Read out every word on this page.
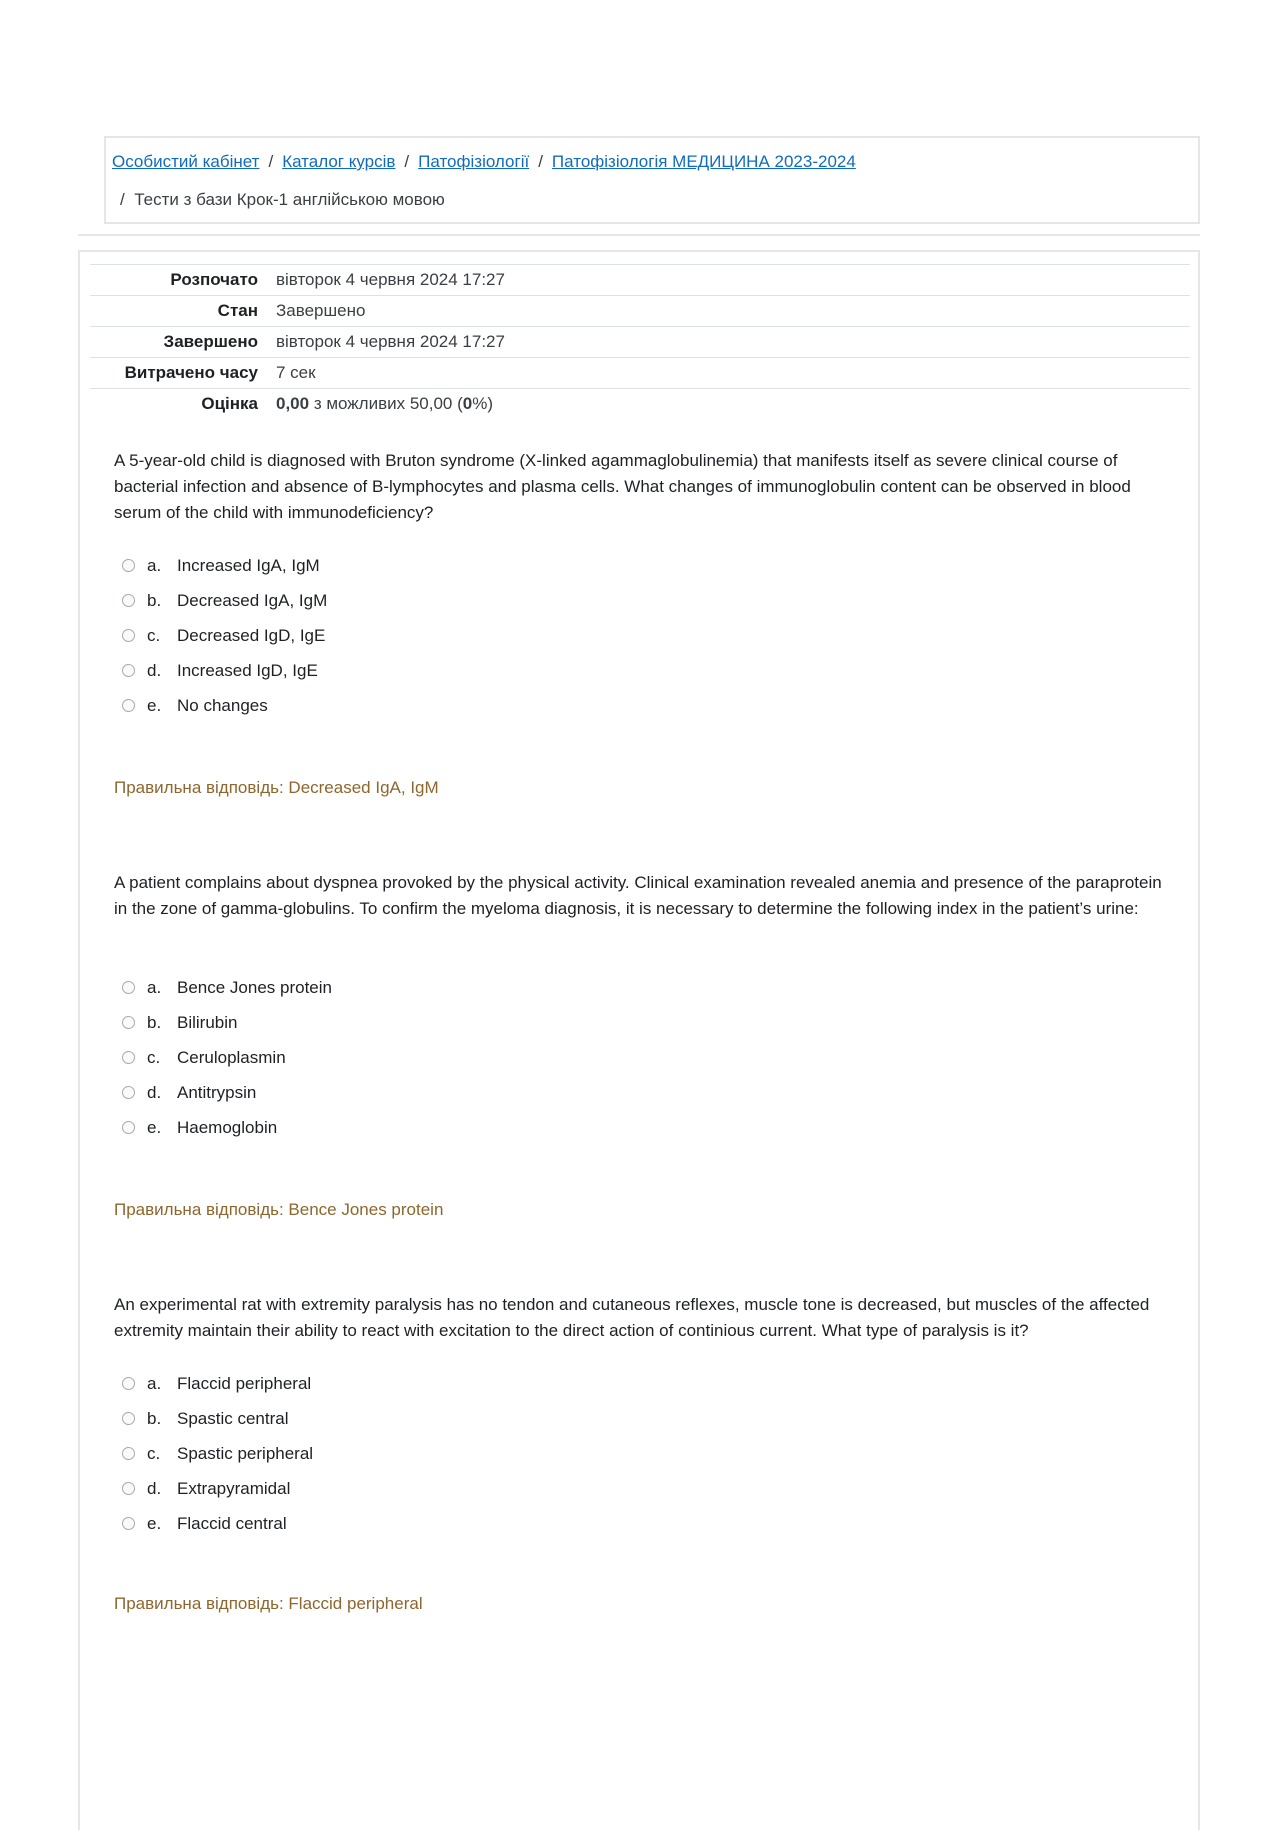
Особистий кабінет / Каталог курсів / Патофізіології / Патофізіологія МЕДИЦИНА 2023-2024
/ Тести з бази Крок-1 англійською мовою
Розпочато	вівторок 4 червня 2024 17:27
Стан	Завершено
Завершено	вівторок 4 червня 2024 17:27
Витрачено часу	7 сек
Оцінка	0,00 з можливих 50,00 (0%)
A 5-year-old child is diagnosed with Bruton syndrome (X-linked agammaglobulinemia) that manifests itself as severe clinical course of bacterial infection and absence of B-lymphocytes and plasma cells. What changes of immunoglobulin content can be observed in blood serum of the child with immunodeficiency?
a. Increased IgA, IgM
b. Decreased IgA, IgM
c. Decreased IgD, IgE
d. Increased IgD, IgE
e. No changes
Правильна відповідь: Decreased IgA, IgM
A patient complains about dyspnea provoked by the physical activity. Clinical examination revealed anemia and presence of the paraprotein in the zone of gamma-globulins. To confirm the myeloma diagnosis, it is necessary to determine the following index in the patient’s urine:
a. Bence Jones protein
b. Bilirubin
c. Ceruloplasmin
d. Antitrypsin
e. Haemoglobin
Правильна відповідь: Bence Jones protein
An experimental rat with extremity paralysis has no tendon and cutaneous reflexes, muscle tone is decreased, but muscles of the affected extremity maintain their ability to react with excitation to the direct action of continious current. What type of paralysis is it?
a. Flaccid peripheral
b. Spastic central
c. Spastic peripheral
d. Extrapyramidal
e. Flaccid central
Правильна відповідь: Flaccid peripheral
